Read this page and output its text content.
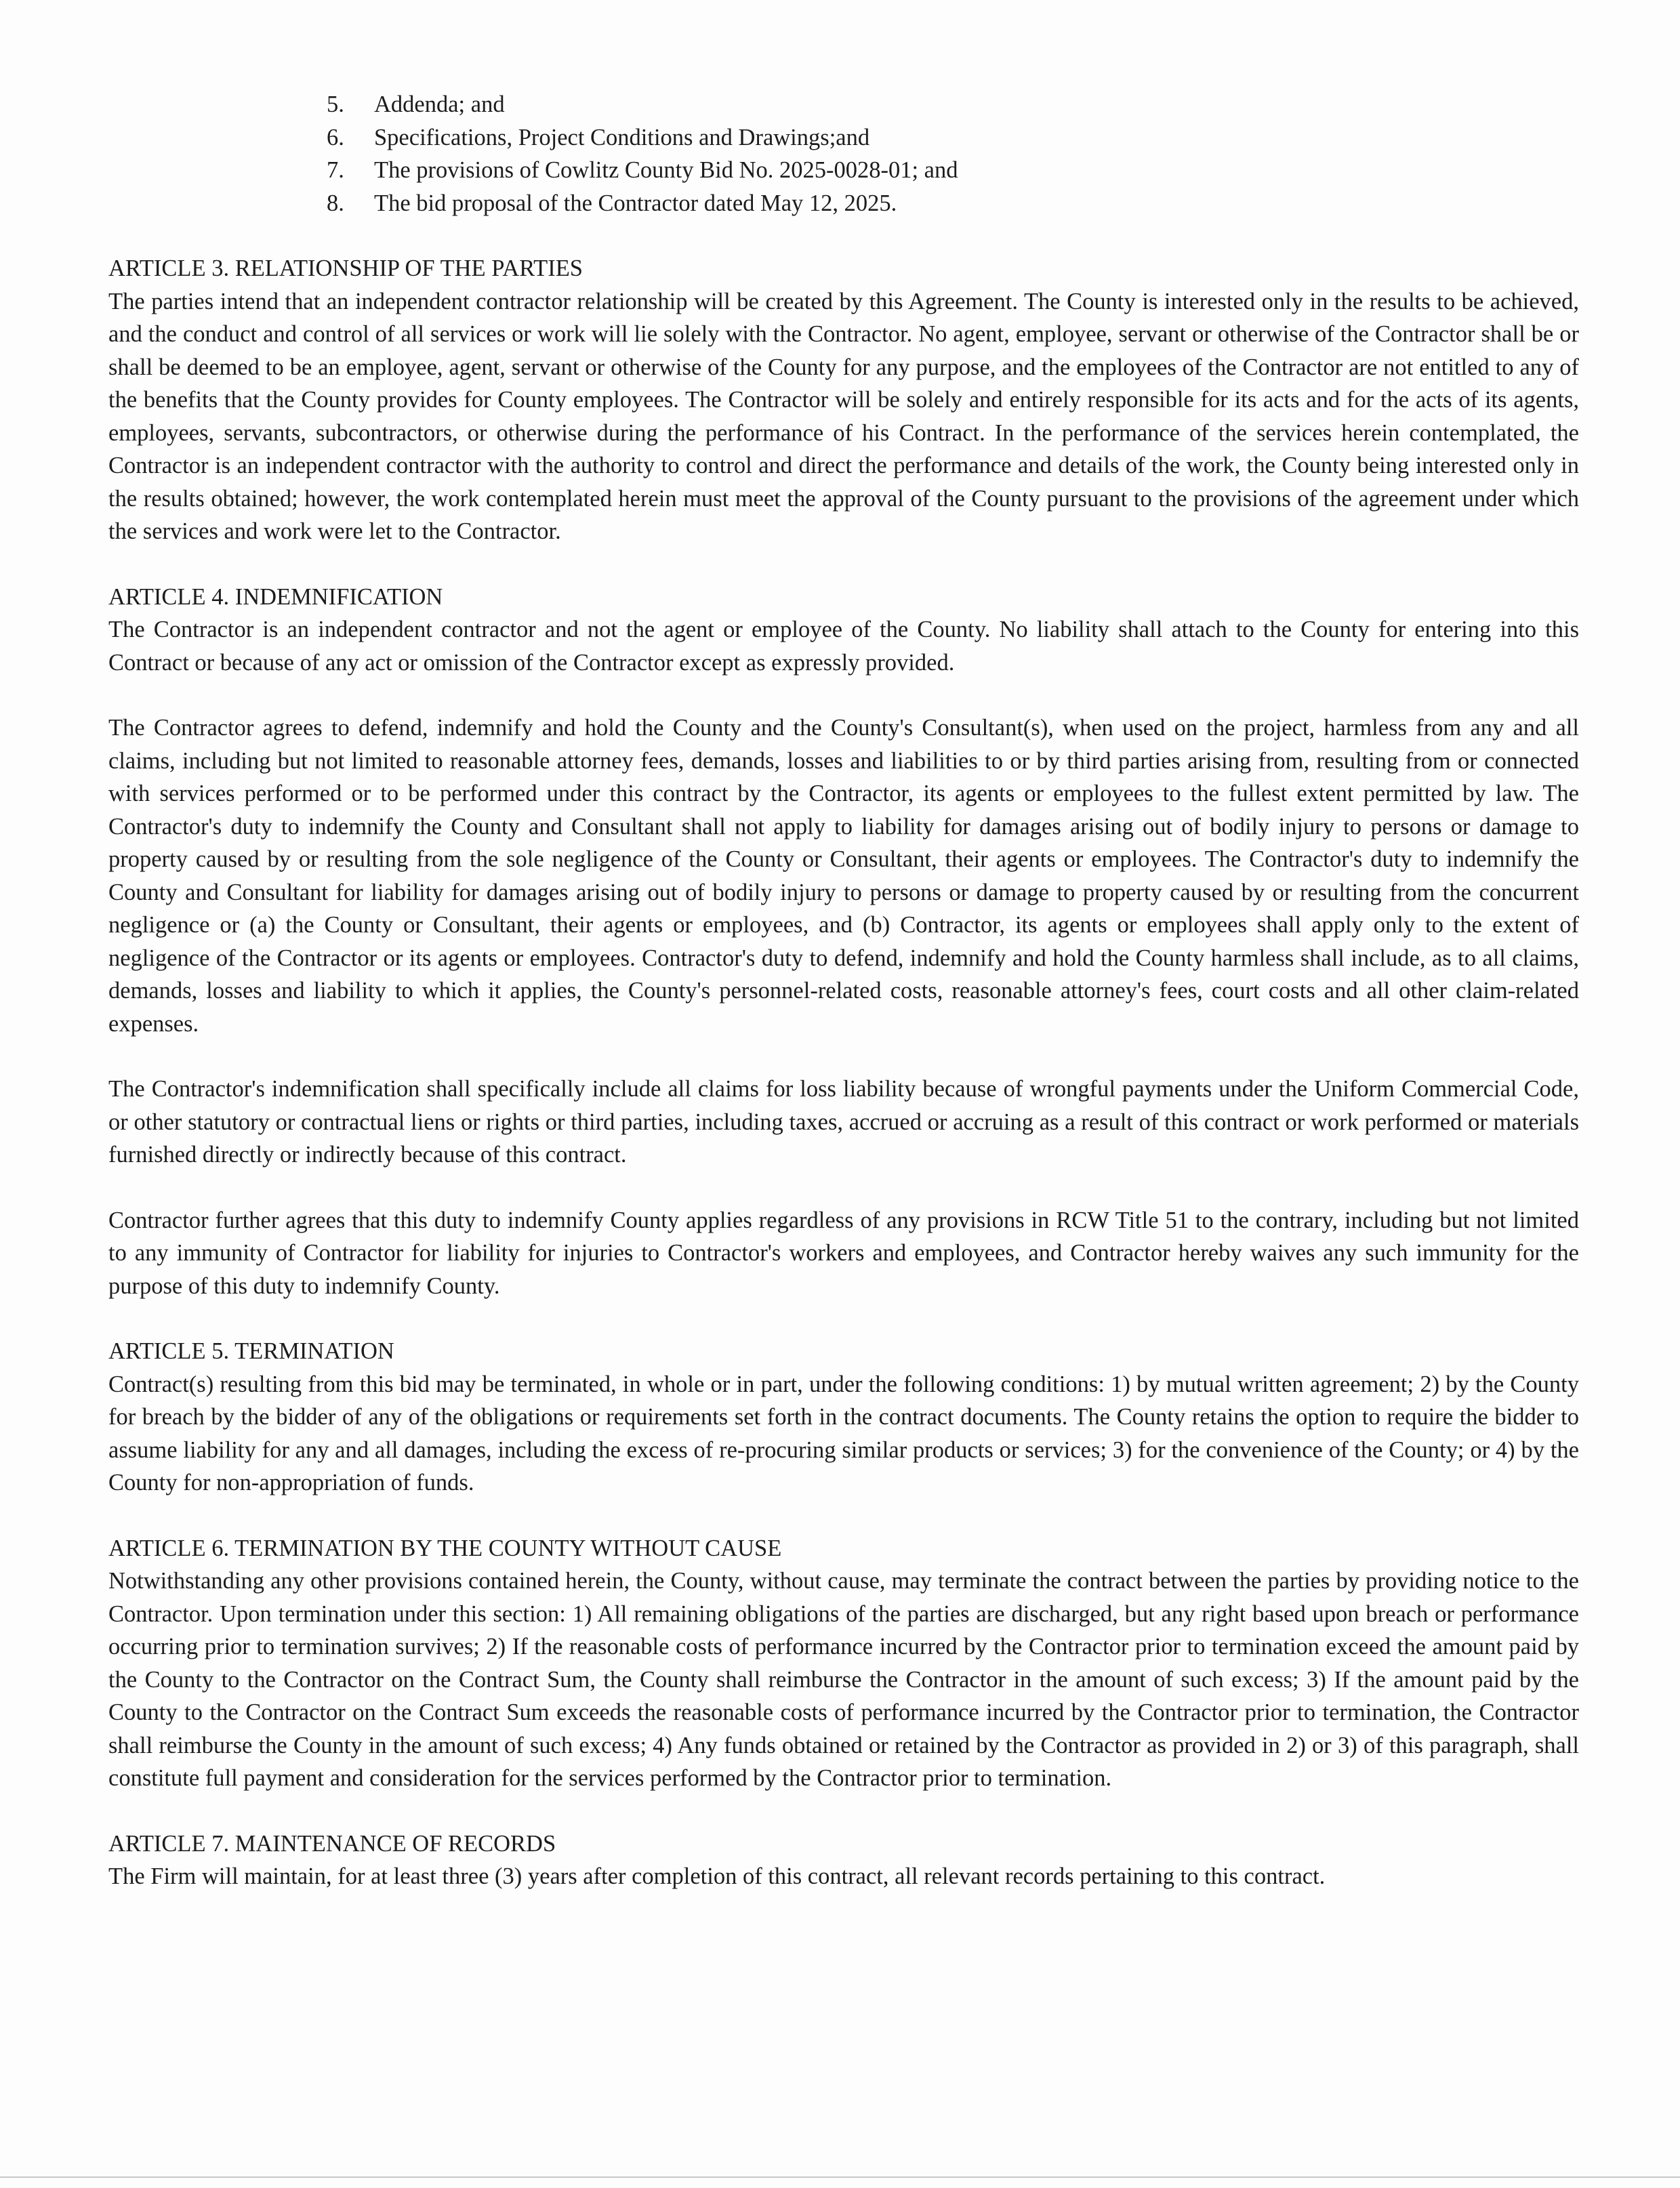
5.	Addenda; and
6.	Specifications, Project Conditions and Drawings;and
7.	The provisions of Cowlitz County Bid No. 2025-0028-01; and
8.	The bid proposal of the Contractor dated May 12, 2025.
ARTICLE 3. RELATIONSHIP OF THE PARTIES

The parties intend that an independent contractor relationship will be created by this Agreement. The County is interested only in the results to be achieved, and the conduct and control of all services or work will lie solely with the Contractor. No agent, employee, servant or otherwise of the Contractor shall be or shall be deemed to be an employee, agent, servant or otherwise of the County for any purpose, and the employees of the Contractor are not entitled to any of the benefits that the County provides for County employees. The Contractor will be solely and entirely responsible for its acts and for the acts of its agents, employees, servants, subcontractors, or otherwise during the performance of his Contract. In the performance of the services herein contemplated, the Contractor is an independent contractor with the authority to control and direct the performance and details of the work, the County being interested only in the results obtained; however, the work contemplated herein must meet the approval of the County pursuant to the provisions of the agreement under which the services and work were let to the Contractor.

ARTICLE 4. INDEMNIFICATION

The Contractor is an independent contractor and not the agent or employee of the County. No liability shall attach to the County for entering into this Contract or because of any act or omission of the Contractor except as expressly provided.

The Contractor agrees to defend, indemnify and hold the County and the County's Consultant(s), when used on the project, harmless from any and all claims, including but not limited to reasonable attorney fees, demands, losses and liabilities to or by third parties arising from, resulting from or connected with services performed or to be performed under this contract by the Contractor, its agents or employees to the fullest extent permitted by law. The Contractor's duty to indemnify the County and Consultant shall not apply to liability for damages arising out of bodily injury to persons or damage to property caused by or resulting from the sole negligence of the County or Consultant, their agents or employees. The Contractor's duty to indemnify the County and Consultant for liability for damages arising out of bodily injury to persons or damage to property caused by or resulting from the concurrent negligence or (a) the County or Consultant, their agents or employees, and (b) Contractor, its agents or employees shall apply only to the extent of negligence of the Contractor or its agents or employees. Contractor's duty to defend, indemnify and hold the County harmless shall include, as to all claims, demands, losses and liability to which it applies, the County's personnel-related costs, reasonable attorney's fees, court costs and all other claim-related expenses.

The Contractor's indemnification shall specifically include all claims for loss liability because of wrongful payments under the Uniform Commercial Code, or other statutory or contractual liens or rights or third parties, including taxes, accrued or accruing as a result of this contract or work performed or materials furnished directly or indirectly because of this contract.

Contractor further agrees that this duty to indemnify County applies regardless of any provisions in RCW Title 51 to the contrary, including but not limited to any immunity of Contractor for liability for injuries to Contractor's workers and employees, and Contractor hereby waives any such immunity for the purpose of this duty to indemnify County.

ARTICLE 5. TERMINATION

Contract(s) resulting from this bid may be terminated, in whole or in part, under the following conditions: 1) by mutual written agreement; 2) by the County for breach by the bidder of any of the obligations or requirements set forth in the contract documents. The County retains the option to require the bidder to assume liability for any and all damages, including the excess of re-procuring similar products or services; 3) for the convenience of the County; or 4) by the County for non-appropriation of funds.

ARTICLE 6. TERMINATION BY THE COUNTY WITHOUT CAUSE

Notwithstanding any other provisions contained herein, the County, without cause, may terminate the contract between the parties by providing notice to the Contractor. Upon termination under this section: 1) All remaining obligations of the parties are discharged, but any right based upon breach or performance occurring prior to termination survives; 2) If the reasonable costs of performance incurred by the Contractor prior to termination exceed the amount paid by the County to the Contractor on the Contract Sum, the County shall reimburse the Contractor in the amount of such excess; 3) If the amount paid by the County to the Contractor on the Contract Sum exceeds the reasonable costs of performance incurred by the Contractor prior to termination, the Contractor shall reimburse the County in the amount of such excess; 4) Any funds obtained or retained by the Contractor as provided in 2) or 3) of this paragraph, shall constitute full payment and consideration for the services performed by the Contractor prior to termination.

ARTICLE 7. MAINTENANCE OF RECORDS

The Firm will maintain, for at least three (3) years after completion of this contract, all relevant records pertaining to this contract.
